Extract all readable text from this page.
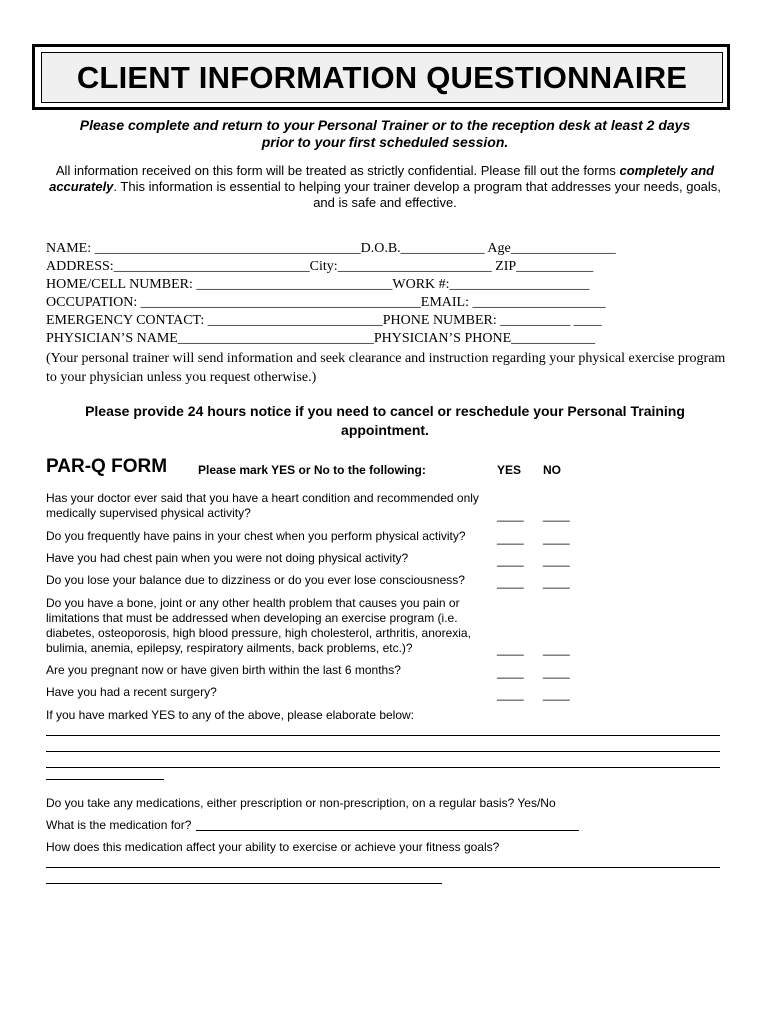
CLIENT INFORMATION QUESTIONNAIRE
Please complete and return to your Personal Trainer or to the reception desk at least 2 days
prior to your first scheduled session.
All information received on this form will be treated as strictly confidential. Please fill out the forms completely and accurately. This information is essential to helping your trainer develop a program that addresses your needs, goals, and is safe and effective.
NAME: ______________________________________D.O.B.____________ Age_______________
ADDRESS:____________________________City:______________________ ZIP___________
HOME/CELL NUMBER: ____________________________WORK #:____________________
OCCUPATION: ________________________________________EMAIL: ___________________
EMERGENCY CONTACT: _________________________PHONE NUMBER: __________ ____
PHYSICIAN’S NAME____________________________PHYSICIAN’S PHONE____________
(Your personal trainer will send information and seek clearance and instruction regarding your physical exercise program to your physician unless you request otherwise.)
Please provide 24 hours notice if you need to cancel or reschedule your Personal Training appointment.
PAR-Q FORM	Please mark YES or No to the following:	YES NO
Has your doctor ever said that you have a heart condition and recommended only medically supervised physical activity?	____ ____
Do you frequently have pains in your chest when you perform physical activity?	____ ____
Have you had chest pain when you were not doing physical activity?	____ ____
Do you lose your balance due to dizziness or do you ever lose consciousness?	____ ____
Do you have a bone, joint or any other health problem that causes you pain or limitations that must be addressed when developing an exercise program (i.e. diabetes, osteoporosis, high blood pressure, high cholesterol, arthritis, anorexia, bulimia, anemia, epilepsy, respiratory ailments, back problems, etc.)?	____ ____
Are you pregnant now or have given birth within the last 6 months?	____ ____
Have you had a recent surgery?	____ ____
If you have marked YES to any of the above, please elaborate below:
Do you take any medications, either prescription or non-prescription, on a regular basis? Yes/No
What is the medication for?
How does this medication affect your ability to exercise or achieve your fitness goals?
